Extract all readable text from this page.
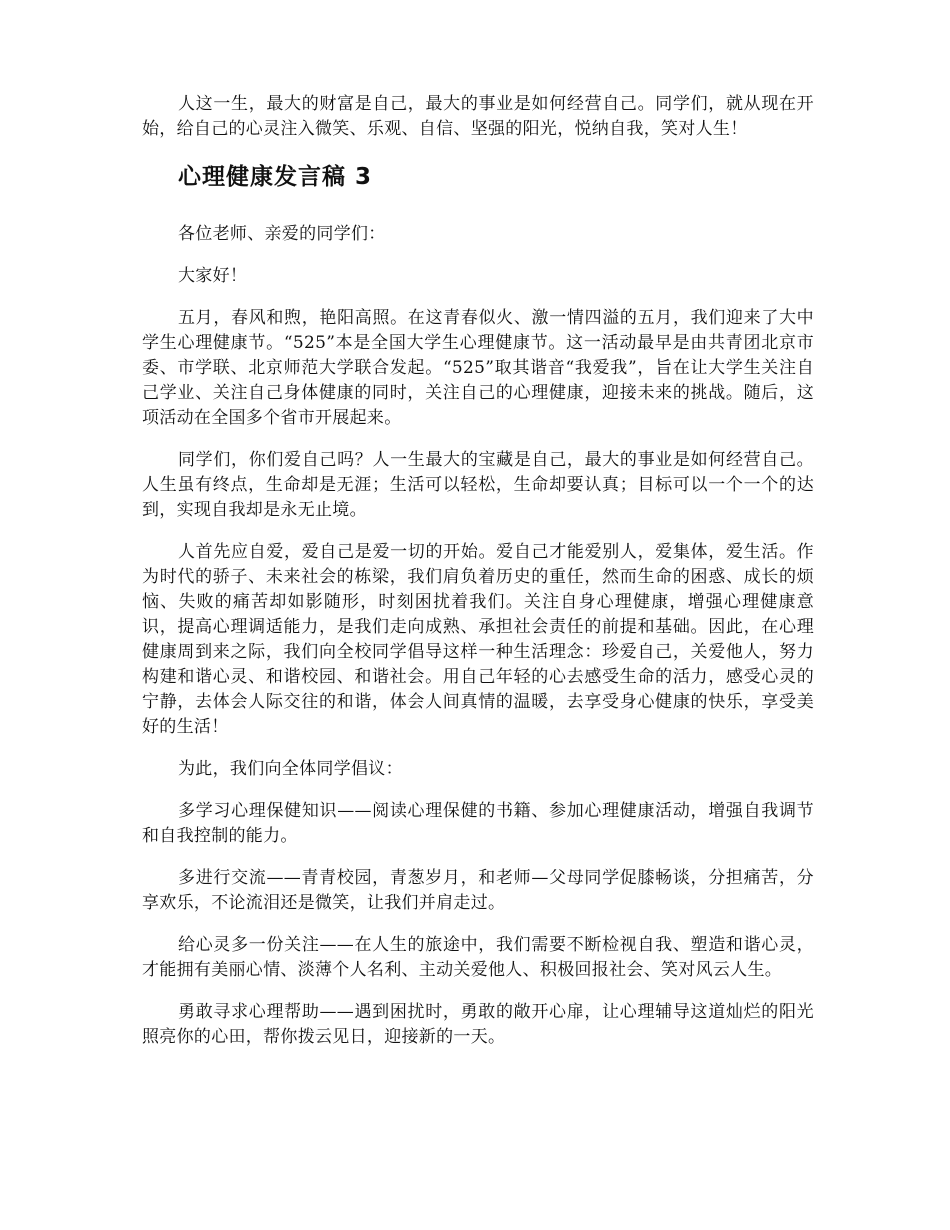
人这一生，最大的财富是自己，最大的事业是如何经营自己。同学们，就从现在开始，给自己的心灵注入微笑、乐观、自信、坚强的阳光，悦纳自我，笑对人生！

心理健康发言稿 3

各位老师、亲爱的同学们：

大家好！

五月，春风和煦，艳阳高照。在这青春似火、激一情四溢的五月，我们迎来了大中学生心理健康节。“525”本是全国大学生心理健康节。这一活动最早是由共青团北京市委、市学联、北京师范大学联合发起。“525”取其谐音“我爱我”，旨在让大学生关注自己学业、关注自己身体健康的同时，关注自己的心理健康，迎接未来的挑战。随后，这项活动在全国多个省市开展起来。

同学们，你们爱自己吗？人一生最大的宝藏是自己，最大的事业是如何经营自己。人生虽有终点，生命却是无涯；生活可以轻松，生命却要认真；目标可以一个一个的达到，实现自我却是永无止境。

人首先应自爱，爱自己是爱一切的开始。爱自己才能爱别人，爱集体，爱生活。作为时代的骄子、未来社会的栋梁，我们肩负着历史的重任，然而生命的困惑、成长的烦恼、失败的痛苦却如影随形，时刻困扰着我们。关注自身心理健康，增强心理健康意识，提高心理调适能力，是我们走向成熟、承担社会责任的前提和基础。因此，在心理健康周到来之际，我们向全校同学倡导这样一种生活理念：珍爱自己，关爱他人，努力构建和谐心灵、和谐校园、和谐社会。用自己年轻的心去感受生命的活力，感受心灵的宁静，去体会人际交往的和谐，体会人间真情的温暖，去享受身心健康的快乐，享受美好的生活！

为此，我们向全体同学倡议：

多学习心理保健知识——阅读心理保健的书籍、参加心理健康活动，增强自我调节和自我控制的能力。

多进行交流——青青校园，青葱岁月，和老师—父母同学促膝畅谈，分担痛苦，分享欢乐，不论流泪还是微笑，让我们并肩走过。

给心灵多一份关注——在人生的旅途中，我们需要不断检视自我、塑造和谐心灵，才能拥有美丽心情、淡薄个人名利、主动关爱他人、积极回报社会、笑对风云人生。

勇敢寻求心理帮助——遇到困扰时，勇敢的敞开心扉，让心理辅导这道灿烂的阳光照亮你的心田，帮你拨云见日，迎接新的一天。
